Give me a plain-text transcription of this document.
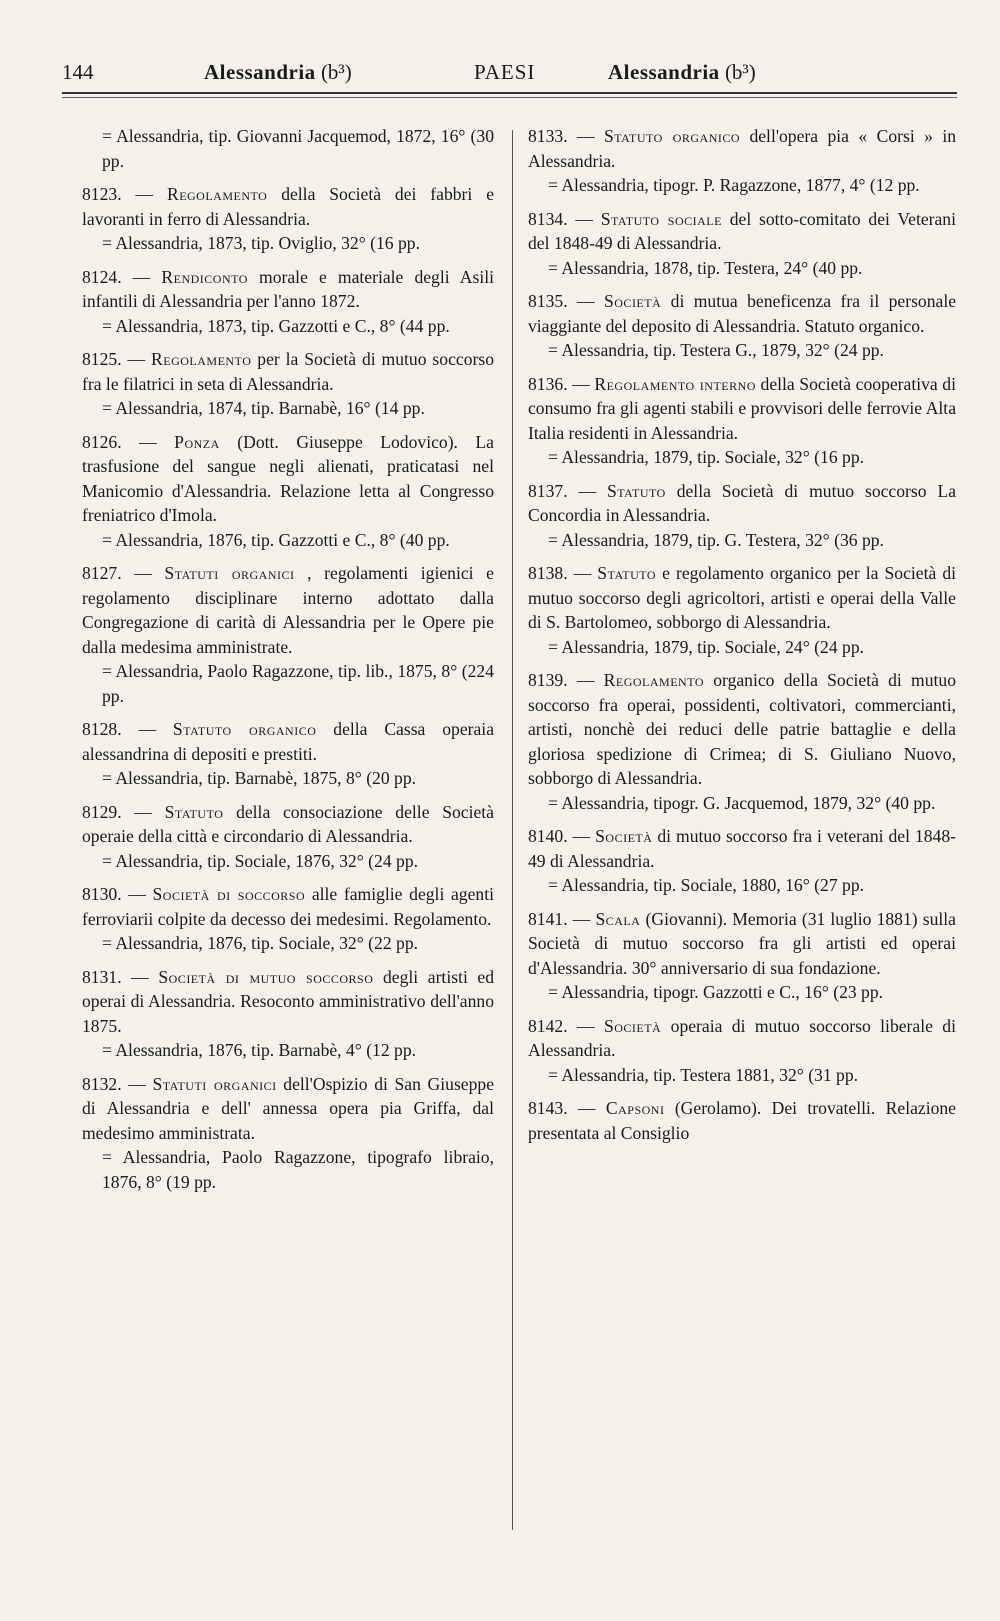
144	Alessandria (b³)	PAESI	Alessandria (b³)

= Alessandria, tip. Giovanni Jacquemod, 1872, 16° (30 pp.

8123. — Regolamento della Società dei fabbri e lavoranti in ferro di Alessandria.

= Alessandria, 1873, tip. Oviglio, 32° (16 pp.

8124. — Rendiconto morale e materiale degli Asili infantili di Alessandria per l'anno 1872.

= Alessandria, 1873, tip. Gazzotti e C., 8° (44 pp.

8125. — Regolamento per la Società di mutuo soccorso fra le filatrici in seta di Alessandria.

= Alessandria, 1874, tip. Barnabè, 16° (14 pp.

8126. — Ponza (Dott. Giuseppe Lodovico). La trasfusione del sangue negli alienati, praticatasi nel Manicomio d'Alessandria. Relazione letta al Congresso freniatrico d'Imola.

= Alessandria, 1876, tip. Gazzotti e C., 8° (40 pp.

8127. — Statuti organici , regolamenti igienici e regolamento disciplinare interno adottato dalla Congregazione di carità di Alessandria per le Opere pie dalla medesima amministrate.

= Alessandria, Paolo Ragazzone, tip. lib., 1875, 8° (224 pp.

8128. — Statuto organico della Cassa operaia alessandrina di depositi e prestiti.

= Alessandria, tip. Barnabè, 1875, 8° (20 pp.

8129. — Statuto della consociazione delle Società operaie della città e circondario di Alessandria.

= Alessandria, tip. Sociale, 1876, 32° (24 pp.

8130. — Società di soccorso alle famiglie degli agenti ferroviarii colpite da decesso dei medesimi. Regolamento.

= Alessandria, 1876, tip. Sociale, 32° (22 pp.

8131. — Società di mutuo soccorso degli artisti ed operai di Alessandria. Resoconto amministrativo dell'anno 1875.

= Alessandria, 1876, tip. Barnabè, 4° (12 pp.

8132. — Statuti organici dell'Ospizio di San Giuseppe di Alessandria e dell' annessa opera pia Griffa, dal medesimo amministrata.

= Alessandria, Paolo Ragazzone, tipografo libraio, 1876, 8° (19 pp.

8133. — Statuto organico dell'opera pia « Corsi » in Alessandria.

= Alessandria, tipogr. P. Ragazzone, 1877, 4° (12 pp.

8134. — Statuto sociale del sotto-comitato dei Veterani del 1848-49 di Alessandria.

= Alessandria, 1878, tip. Testera, 24° (40 pp.

8135. — Società di mutua beneficenza fra il personale viaggiante del deposito di Alessandria. Statuto organico.

= Alessandria, tip. Testera G., 1879, 32° (24 pp.

8136. — Regolamento interno della Società cooperativa di consumo fra gli agenti stabili e provvisori delle ferrovie Alta Italia residenti in Alessandria.

= Alessandria, 1879, tip. Sociale, 32° (16 pp.

8137. — Statuto della Società di mutuo soccorso La Concordia in Alessandria.

= Alessandria, 1879, tip. G. Testera, 32° (36 pp.

8138. — Statuto e regolamento organico per la Società di mutuo soccorso degli agricoltori, artisti e operai della Valle di S. Bartolomeo, sobborgo di Alessandria.

= Alessandria, 1879, tip. Sociale, 24° (24 pp.

8139. — Regolamento organico della Società di mutuo soccorso fra operai, possidenti, coltivatori, commercianti, artisti, nonchè dei reduci delle patrie battaglie e della gloriosa spedizione di Crimea; di S. Giuliano Nuovo, sobborgo di Alessandria.

= Alessandria, tipogr. G. Jacquemod, 1879, 32° (40 pp.

8140. — Società di mutuo soccorso fra i veterani del 1848-49 di Alessandria.

= Alessandria, tip. Sociale, 1880, 16° (27 pp.

8141. — Scala (Giovanni). Memoria (31 luglio 1881) sulla Società di mutuo soccorso fra gli artisti ed operai d'Alessandria. 30° anniversario di sua fondazione.

= Alessandria, tipogr. Gazzotti e C., 16° (23 pp.

8142. — Società operaia di mutuo soccorso liberale di Alessandria.

= Alessandria, tip. Testera 1881, 32° (31 pp.

8143. — Capsoni (Gerolamo). Dei trovatelli. Relazione presentata al Consiglio
